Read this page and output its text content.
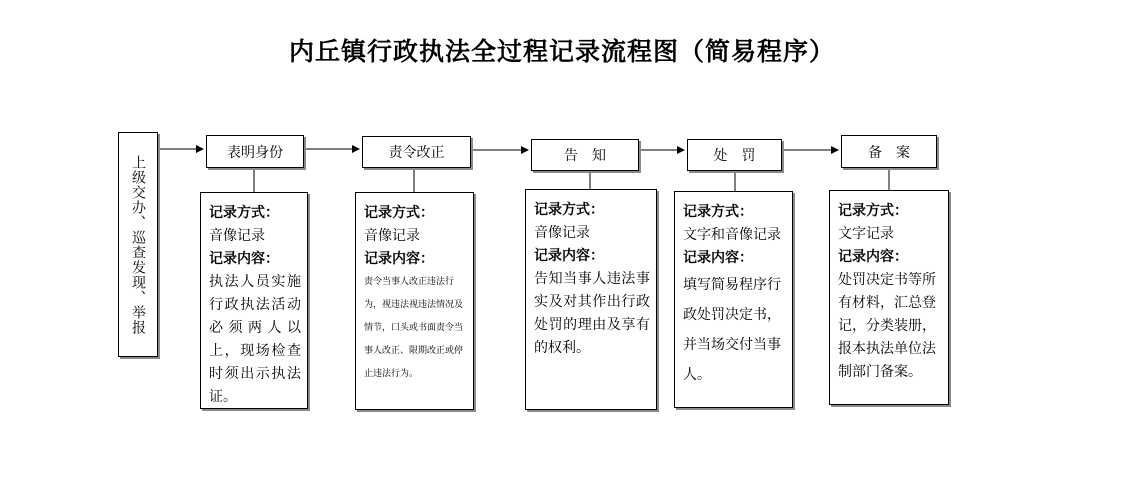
内丘镇行政执法全过程记录流程图（简易程序）
上级交办、巡查发现、举报
表明身份	责令改正	告　知	处　罚	备　案
记录方式：
音像记录
记录内容：
执法人员实施行政执法活动必须两人以上，现场检查时须出示执法证。
记录方式：
音像记录
记录内容：
责令当事人改正违法行为，视违法视违法情况及情节，口头或书面责令当事人改正、限期改正或停止违法行为。
记录方式：
音像记录
记录内容：
告知当事人违法事实及对其作出行政处罚的理由及享有的权利。
记录方式：
文字和音像记录
记录内容：
填写简易程序行政处罚决定书，并当场交付当事人。
记录方式：
文字记录
记录内容：
处罚决定书等所有材料，汇总登记，分类装册，报本执法单位法制部门备案。
